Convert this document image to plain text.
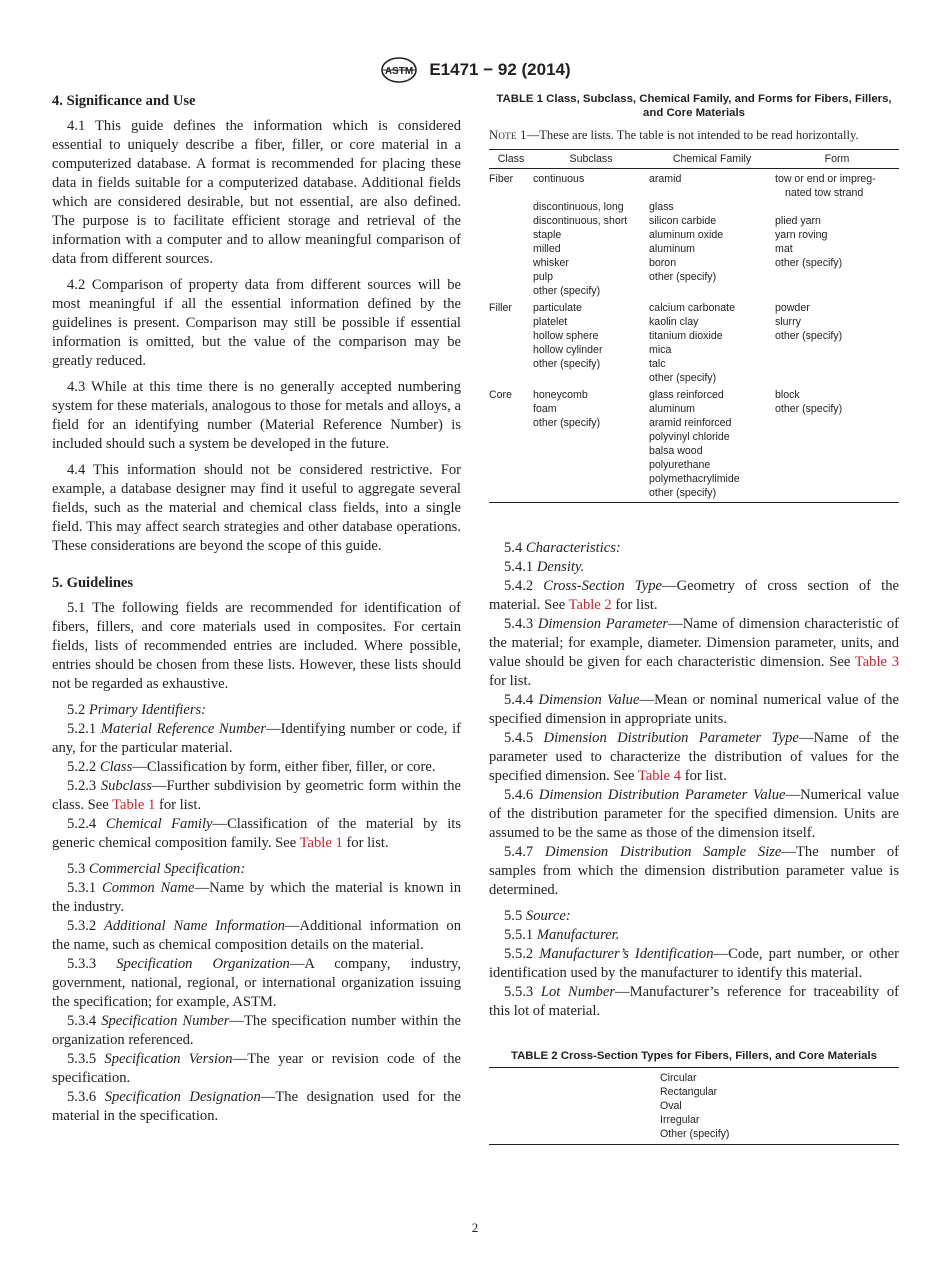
ASTM E1471 − 92 (2014)
4. Significance and Use

4.1 This guide defines the information which is considered essential to uniquely describe a fiber, filler, or core material in a computerized database. A format is recommended for placing these data in fields suitable for a computerized database. Additional fields which are considered desirable, but not essential, are also defined. The purpose is to facilitate efficient storage and retrieval of the information with a computer and to allow meaningful comparison of data from different sources.

4.2 Comparison of property data from different sources will be most meaningful if all the essential information defined by the guidelines is present. Comparison may still be possible if essential information is omitted, but the value of the comparison may be greatly reduced.

4.3 While at this time there is no generally accepted numbering system for these materials, analogous to those for metals and alloys, a field for an identifying number (Material Reference Number) is included should such a system be developed in the future.

4.4 This information should not be considered restrictive. For example, a database designer may find it useful to aggregate several fields, such as the material and chemical class fields, into a single field. This may affect search strategies and other database operations. These considerations are beyond the scope of this guide.

5. Guidelines

5.1 The following fields are recommended for identification of fibers, fillers, and core materials used in composites. For certain fields, lists of recommended entries are included. Where possible, entries should be chosen from these lists. However, these lists should not be regarded as exhaustive.

5.2 Primary Identifiers:

5.2.1 Material Reference Number—Identifying number or code, if any, for the particular material.

5.2.2 Class—Classification by form, either fiber, filler, or core.

5.2.3 Subclass—Further subdivision by geometric form within the class. See Table 1 for list.

5.2.4 Chemical Family—Classification of the material by its generic chemical composition family. See Table 1 for list.

5.3 Commercial Specification:

5.3.1 Common Name—Name by which the material is known in the industry.

5.3.2 Additional Name Information—Additional information on the name, such as chemical composition details on the material.

5.3.3 Specification Organization—A company, industry, government, national, regional, or international organization issuing the specification; for example, ASTM.

5.3.4 Specification Number—The specification number within the organization referenced.

5.3.5 Specification Version—The year or revision code of the specification.

5.3.6 Specification Designation—The designation used for the material in the specification.

TABLE 1 Class, Subclass, Chemical Family, and Forms for Fibers, Fillers, and Core Materials
Note 1—These are lists. The table is not intended to be read horizontally.
Class	Subclass	Chemical Family	Form
Fiber	continuous	aramid	tow or end or impreg-
			nated tow strand
	discontinuous, long	glass	
	discontinuous, short	silicon carbide	plied yarn
	staple	aluminum oxide	yarn roving
	milled	aluminum	mat
	whisker	boron	other (specify)
	pulp	other (specify)	
	other (specify)		
Filler	particulate	calcium carbonate	powder
	platelet	kaolin clay	slurry
	hollow sphere	titanium dioxide	other (specify)
	hollow cylinder	mica	
	other (specify)	talc	
		other (specify)	
Core	honeycomb	glass reinforced	block
	foam	aluminum	other (specify)
	other (specify)	aramid reinforced	
		polyvinyl chloride	
		balsa wood	
		polyurethane	
		polymethacrylimide	
		other (specify)	

5.4 Characteristics:

5.4.1 Density.

5.4.2 Cross-Section Type—Geometry of cross section of the material. See Table 2 for list.

5.4.3 Dimension Parameter—Name of dimension characteristic of the material; for example, diameter. Dimension parameter, units, and value should be given for each characteristic dimension. See Table 3 for list.

5.4.4 Dimension Value—Mean or nominal numerical value of the specified dimension in appropriate units.

5.4.5 Dimension Distribution Parameter Type—Name of the parameter used to characterize the distribution of values for the specified dimension. See Table 4 for list.

5.4.6 Dimension Distribution Parameter Value—Numerical value of the distribution parameter for the specified dimension. Units are assumed to be the same as those of the dimension itself.

5.4.7 Dimension Distribution Sample Size—The number of samples from which the dimension distribution parameter value is determined.

5.5 Source:

5.5.1 Manufacturer.

5.5.2 Manufacturer’s Identification—Code, part number, or other identification used by the manufacturer to identify this material.

5.5.3 Lot Number—Manufacturer’s reference for traceability of this lot of material.

TABLE 2 Cross-Section Types for Fibers, Fillers, and Core Materials
Circular
Rectangular
Oval
Irregular
Other (specify)
2
